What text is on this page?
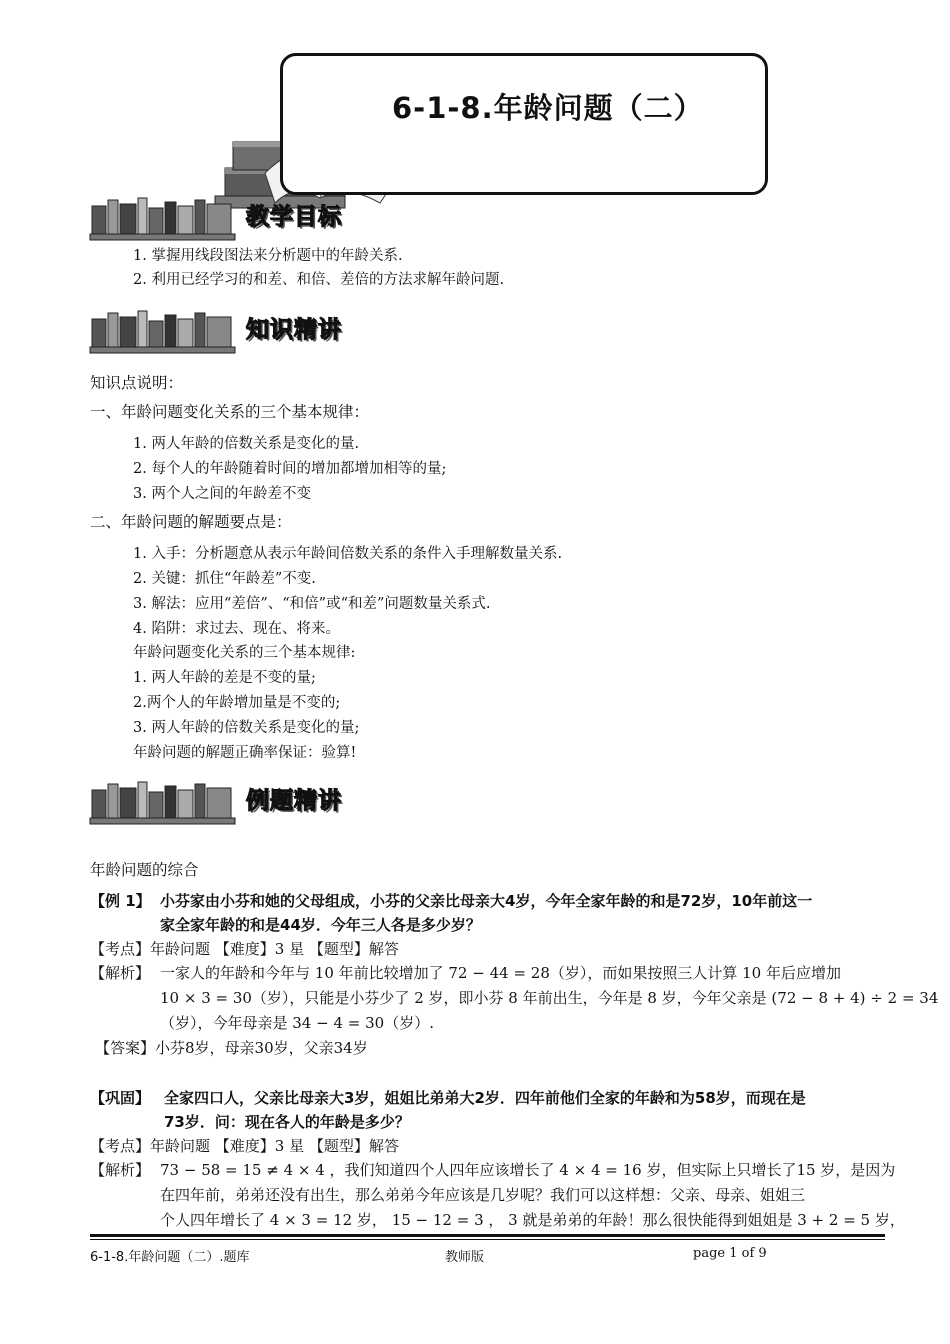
6-1-8.年龄问题（二）
教学目标
1. 掌握用线段图法来分析题中的年龄关系.
2. 利用已经学习的和差、和倍、差倍的方法求解年龄问题.
知识精讲
知识点说明：
一、年龄问题变化关系的三个基本规律：
1. 两人年龄的倍数关系是变化的量.
2. 每个人的年龄随着时间的增加都增加相等的量;
3. 两个人之间的年龄差不变
二、年龄问题的解题要点是：
1. 入手：分析题意从表示年龄间倍数关系的条件入手理解数量关系.
2. 关键：抓住“年龄差”不变.
3. 解法：应用“差倍”、“和倍”或“和差”问题数量关系式.
4. 陷阱：求过去、现在、将来。
年龄问题变化关系的三个基本规律:
1. 两人年龄的差是不变的量;
2.两个人的年龄增加量是不变的;
3. 两人年龄的倍数关系是变化的量;
年龄问题的解题正确率保证：验算!
例题精讲
年龄问题的综合
【例 1】 小芬家由小芬和她的父母组成，小芬的父亲比母亲大4岁，今年全家年龄的和是72岁，10年前这一
家全家年龄的和是44岁．今年三人各是多少岁？
【考点】年龄问题 【难度】3 星 【题型】解答
【解析】 一家人的年龄和今年与 10 年前比较增加了 72 − 44 = 28（岁），而如果按照三人计算 10 年后应增加
10 × 3 = 30（岁），只能是小芬少了 2 岁，即小芬 8 年前出生，今年是 8 岁，今年父亲是 (72 − 8 + 4) ÷ 2 = 34
（岁），今年母亲是 34 − 4 = 30（岁）.
【答案】小芬8岁，母亲30岁，父亲34岁
【巩固】 全家四口人，父亲比母亲大3岁，姐姐比弟弟大2岁．四年前他们全家的年龄和为58岁，而现在是
73岁．问：现在各人的年龄是多少？
【考点】年龄问题 【难度】3 星 【题型】解答
【解析】 73 − 58 = 15 ≠ 4 × 4 ，我们知道四个人四年应该增长了 4 × 4 = 16 岁，但实际上只增长了15 岁，是因为
在四年前，弟弟还没有出生，那么弟弟今年应该是几岁呢？我们可以这样想：父亲、母亲、姐姐三
个人四年增长了 4 × 3 = 12 岁， 15 − 12 = 3 ， 3 就是弟弟的年龄！那么很快能得到姐姐是 3 + 2 = 5 岁，
6-1-8.年龄问题（二）.题库	教师版	page 1 of 9
